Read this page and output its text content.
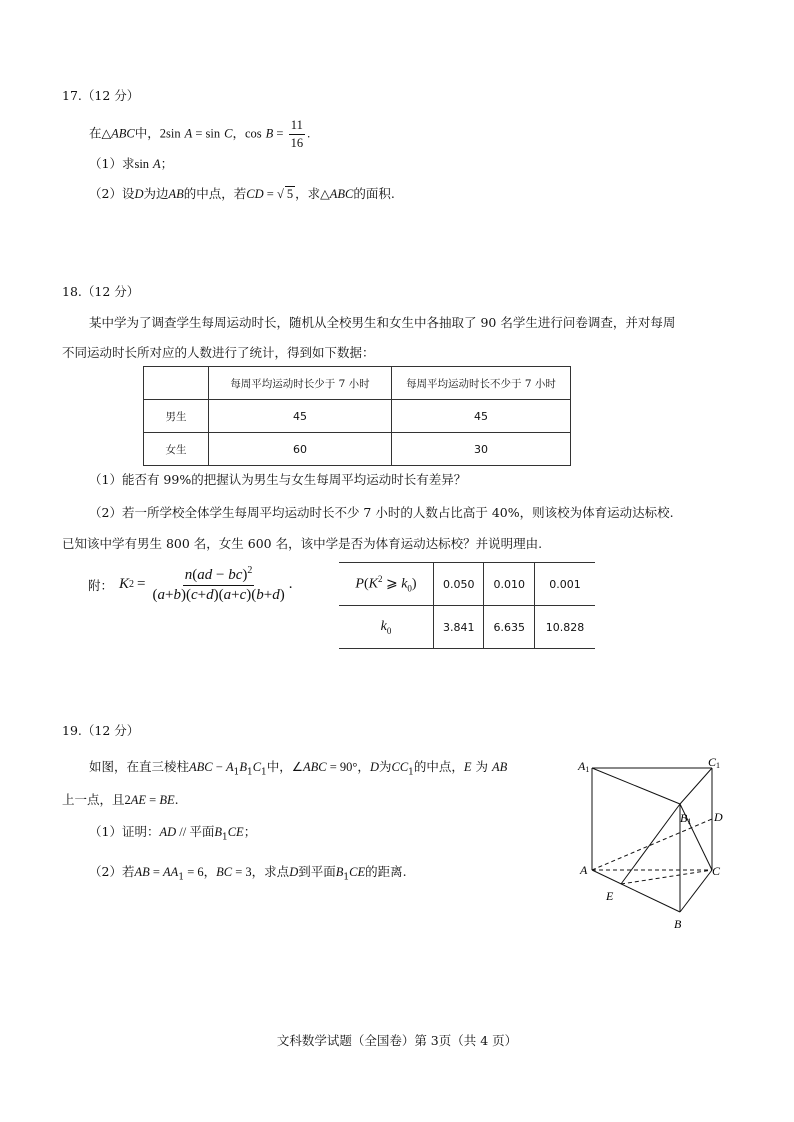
17.（12 分）
在△ABC中，2sin A = sin C，$\cos B = \frac{11}{16}$ .
（1）求sin A；
（2）设D为边AB的中点，若CD = √ 5 ，求△ABC的面积.
18.（12 分）
某中学为了调查学生每周运动时长，随机从全校男生和女生中各抽取了 90 名学生进行问卷调查，并对每周
不同运动时长所对应的人数进行了统计，得到如下数据：
	每周平均运动时长少于 7 小时	每周平均运动时长不少于 7 小时
男生	45	45
女生	60	30
（1）能否有 99%的把握认为男生与女生每周平均运动时长有差异？
（2）若一所学校全体学生每周平均运动时长不少 7 小时的人数占比高于 40%，则该校为体育运动达标校.
已知该中学有男生 800 名，女生 600 名，该中学是否为体育运动达标校？并说明理由.
附： K $2 = \frac{n(ad - bc)^2}{(a+b)(c+d)(a+c)(b+d)}$ .	$P(K^2$ ⩾ $k_0$)	0.050	0.010	0.001
$k_0$	3.841	6.635	10.828
19.（12 分）
如图，在直三棱柱ABC − $A_1B_1C_1$中，∠ABC = 90°，D为$CC_1$的中点，E 为 AB
上一点，且2AE = BE.
（1）证明：AD // 平面$B_1CE$；
（2）若AB = $AA_1 = 6$，BC = 3，求点D到平面$B_1CE$的距离.
A1
C1
B1 D
A	C
E
B
文科数学试题（全国卷）第 3页（共 4 页）
